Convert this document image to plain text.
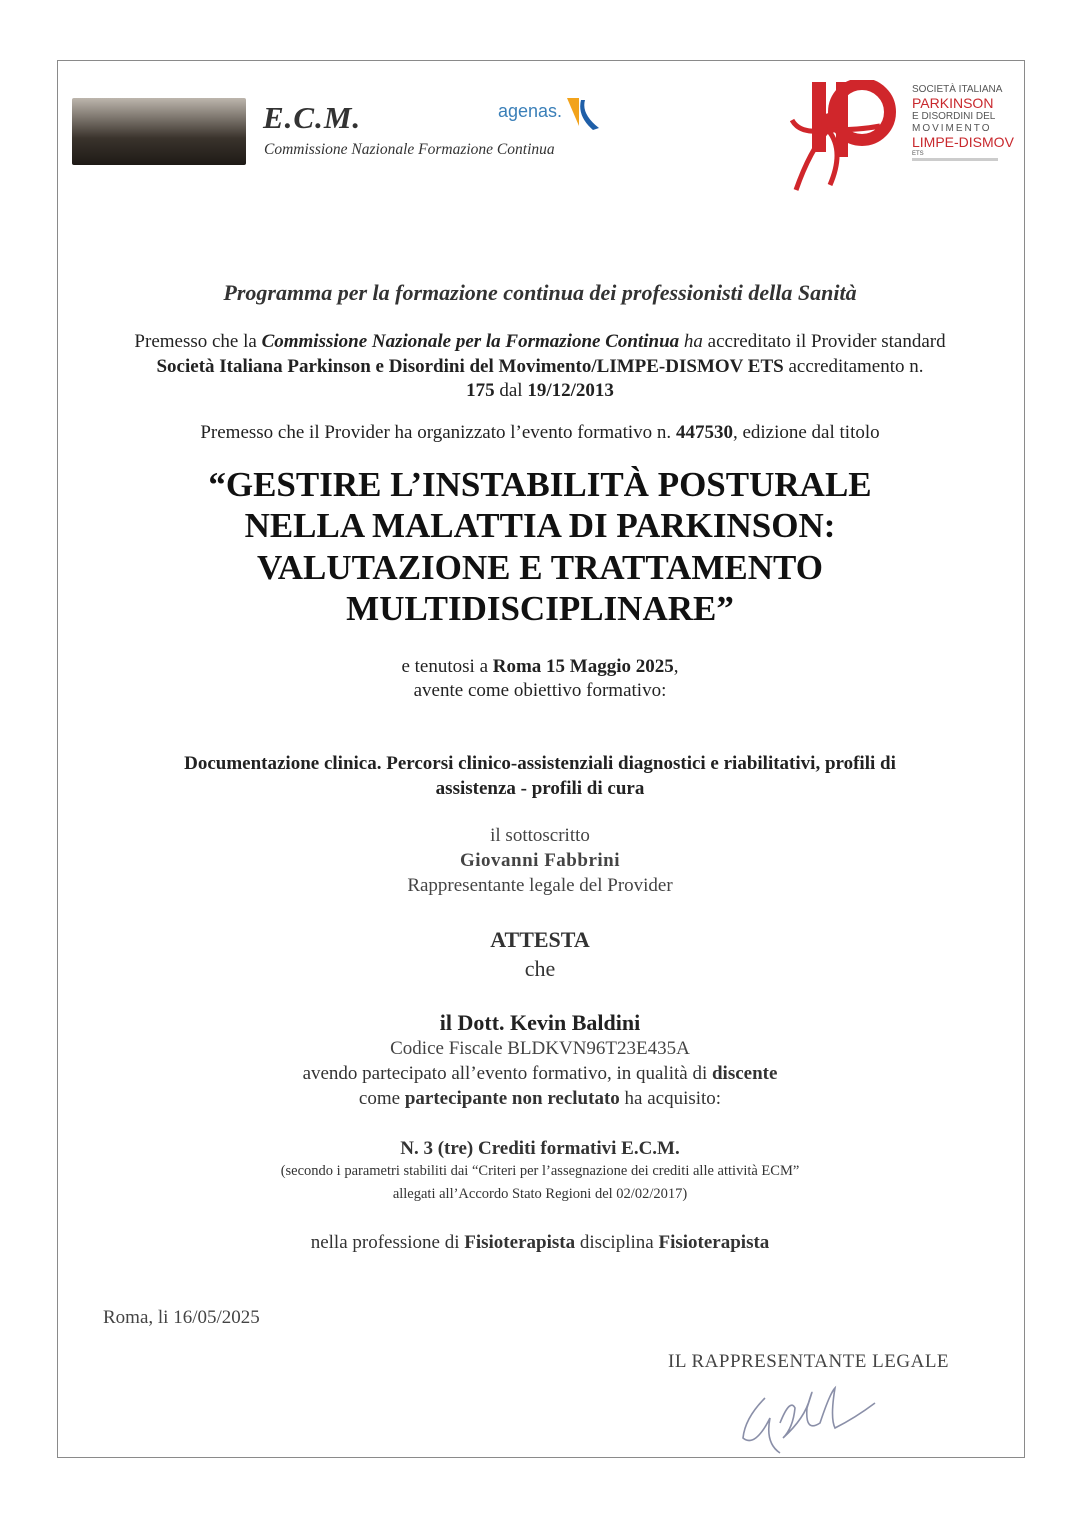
E.C.M.
Commissione Nazionale Formazione Continua
agenas.
SOCIETÀ ITALIANA
PARKINSON
E DISORDINI DEL
MOVIMENTO
LIMPE-DISMOV
ETS
Programma per la formazione continua dei professionisti della Sanità
Premesso che la Commissione Nazionale per la Formazione Continua ha accreditato il Provider standard
Società Italiana Parkinson e Disordini del Movimento/LIMPE-DISMOV ETS accreditamento n.
175 dal 19/12/2013
Premesso che il Provider ha organizzato l’evento formativo n. 447530, edizione dal titolo
“GESTIRE L’INSTABILITÀ POSTURALE
NELLA MALATTIA DI PARKINSON:
VALUTAZIONE E TRATTAMENTO
MULTIDISCIPLINARE”
e tenutosi a Roma 15 Maggio 2025,
avente come obiettivo formativo:
Documentazione clinica. Percorsi clinico-assistenziali diagnostici e riabilitativi, profili di
assistenza - profili di cura
il sottoscritto
Giovanni Fabbrini
Rappresentante legale del Provider
ATTESTA
che
il Dott. Kevin Baldini
Codice Fiscale BLDKVN96T23E435A
avendo partecipato all’evento formativo, in qualità di discente
come partecipante non reclutato ha acquisito:
N. 3 (tre) Crediti formativi E.C.M.
(secondo i parametri stabiliti dai “Criteri per l’assegnazione dei crediti alle attività ECM”
allegati all’Accordo Stato Regioni del 02/02/2017)
nella professione di Fisioterapista disciplina Fisioterapista
Roma, li 16/05/2025
IL RAPPRESENTANTE LEGALE
